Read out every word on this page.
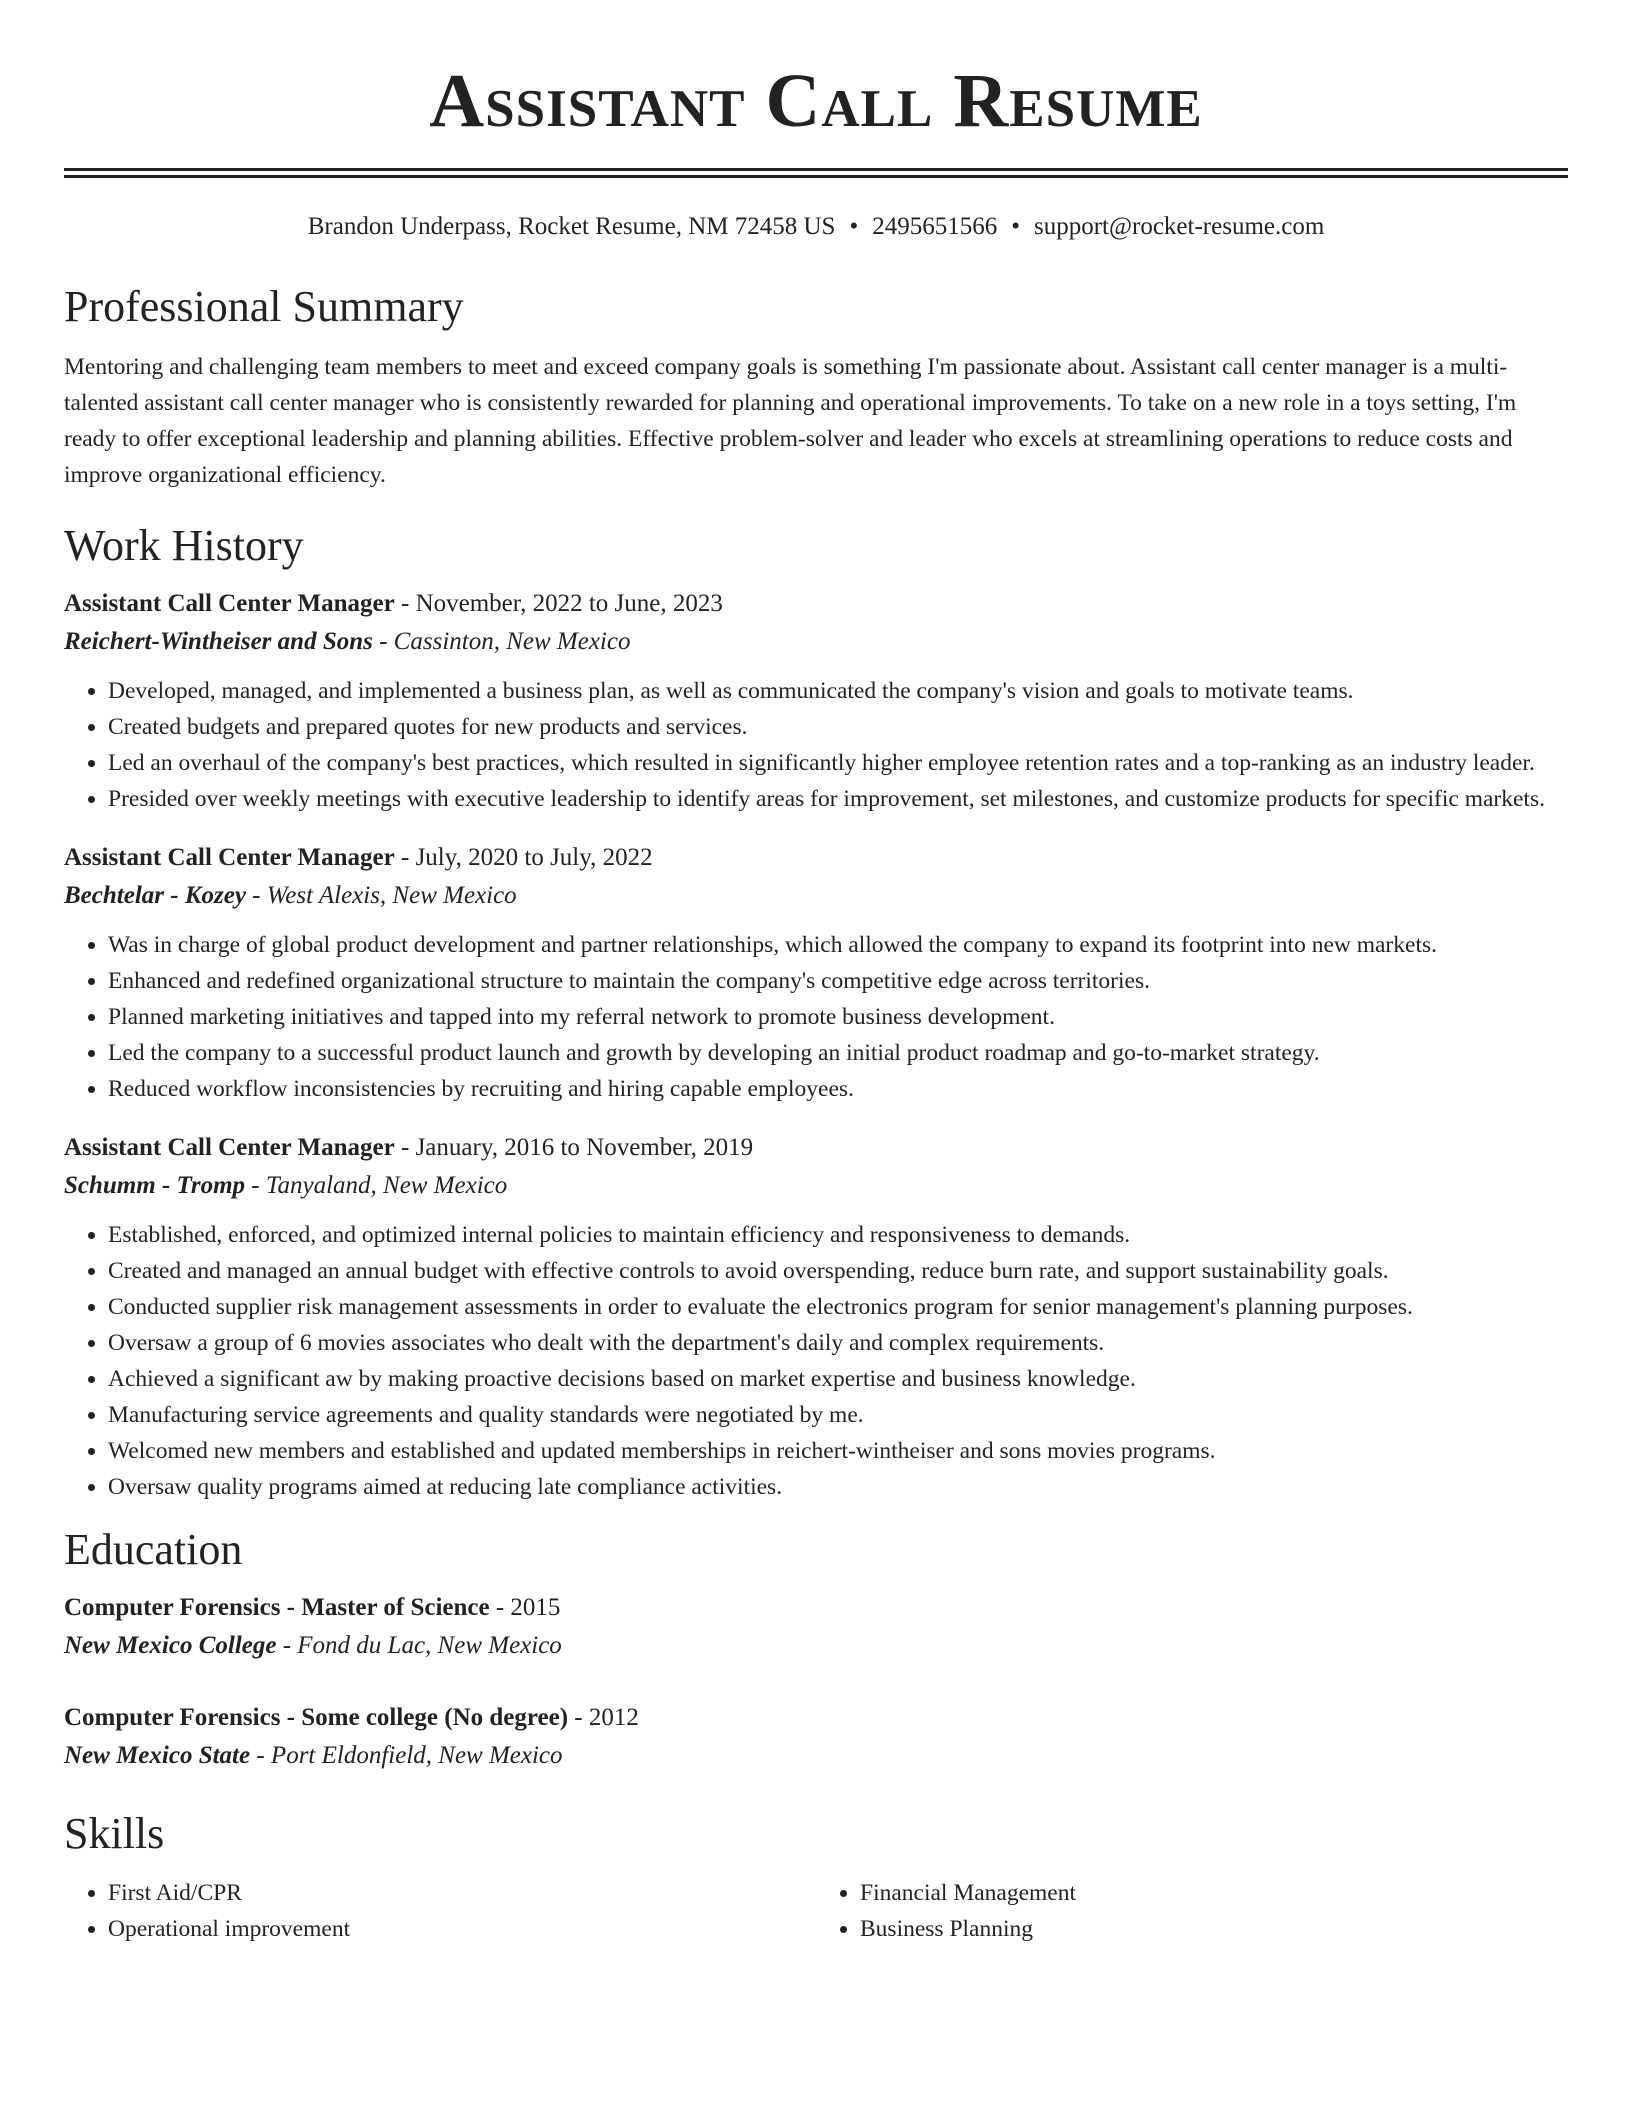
Assistant Call Resume
Brandon Underpass, Rocket Resume, NM 72458 US • 2495651566 • support@rocket-resume.com
Professional Summary

Mentoring and challenging team members to meet and exceed company goals is something I'm passionate about. Assistant call center manager is a multi-talented assistant call center manager who is consistently rewarded for planning and operational improvements. To take on a new role in a toys setting, I'm ready to offer exceptional leadership and planning abilities. Effective problem-solver and leader who excels at streamlining operations to reduce costs and improve organizational efficiency.

Work History
Assistant Call Center Manager - November, 2022 to June, 2023
Reichert-Wintheiser and Sons - Cassinton, New Mexico
• Developed, managed, and implemented a business plan, as well as communicated the company's vision and goals to motivate teams.
• Created budgets and prepared quotes for new products and services.
• Led an overhaul of the company's best practices, which resulted in significantly higher employee retention rates and a top-ranking as an industry leader.
• Presided over weekly meetings with executive leadership to identify areas for improvement, set milestones, and customize products for specific markets.
Assistant Call Center Manager - July, 2020 to July, 2022
Bechtelar - Kozey - West Alexis, New Mexico
• Was in charge of global product development and partner relationships, which allowed the company to expand its footprint into new markets.
• Enhanced and redefined organizational structure to maintain the company's competitive edge across territories.
• Planned marketing initiatives and tapped into my referral network to promote business development.
• Led the company to a successful product launch and growth by developing an initial product roadmap and go-to-market strategy.
• Reduced workflow inconsistencies by recruiting and hiring capable employees.
Assistant Call Center Manager - January, 2016 to November, 2019
Schumm - Tromp - Tanyaland, New Mexico
• Established, enforced, and optimized internal policies to maintain efficiency and responsiveness to demands.
• Created and managed an annual budget with effective controls to avoid overspending, reduce burn rate, and support sustainability goals.
• Conducted supplier risk management assessments in order to evaluate the electronics program for senior management's planning purposes.
• Oversaw a group of 6 movies associates who dealt with the department's daily and complex requirements.
• Achieved a significant aw by making proactive decisions based on market expertise and business knowledge.
• Manufacturing service agreements and quality standards were negotiated by me.
• Welcomed new members and established and updated memberships in reichert-wintheiser and sons movies programs.
• Oversaw quality programs aimed at reducing late compliance activities.
Education
Computer Forensics - Master of Science - 2015
New Mexico College - Fond du Lac, New Mexico
Computer Forensics - Some college (No degree) - 2012
New Mexico State - Port Eldonfield, New Mexico
Skills
• First Aid/CPR
• Operational improvement
• Financial Management
• Business Planning
